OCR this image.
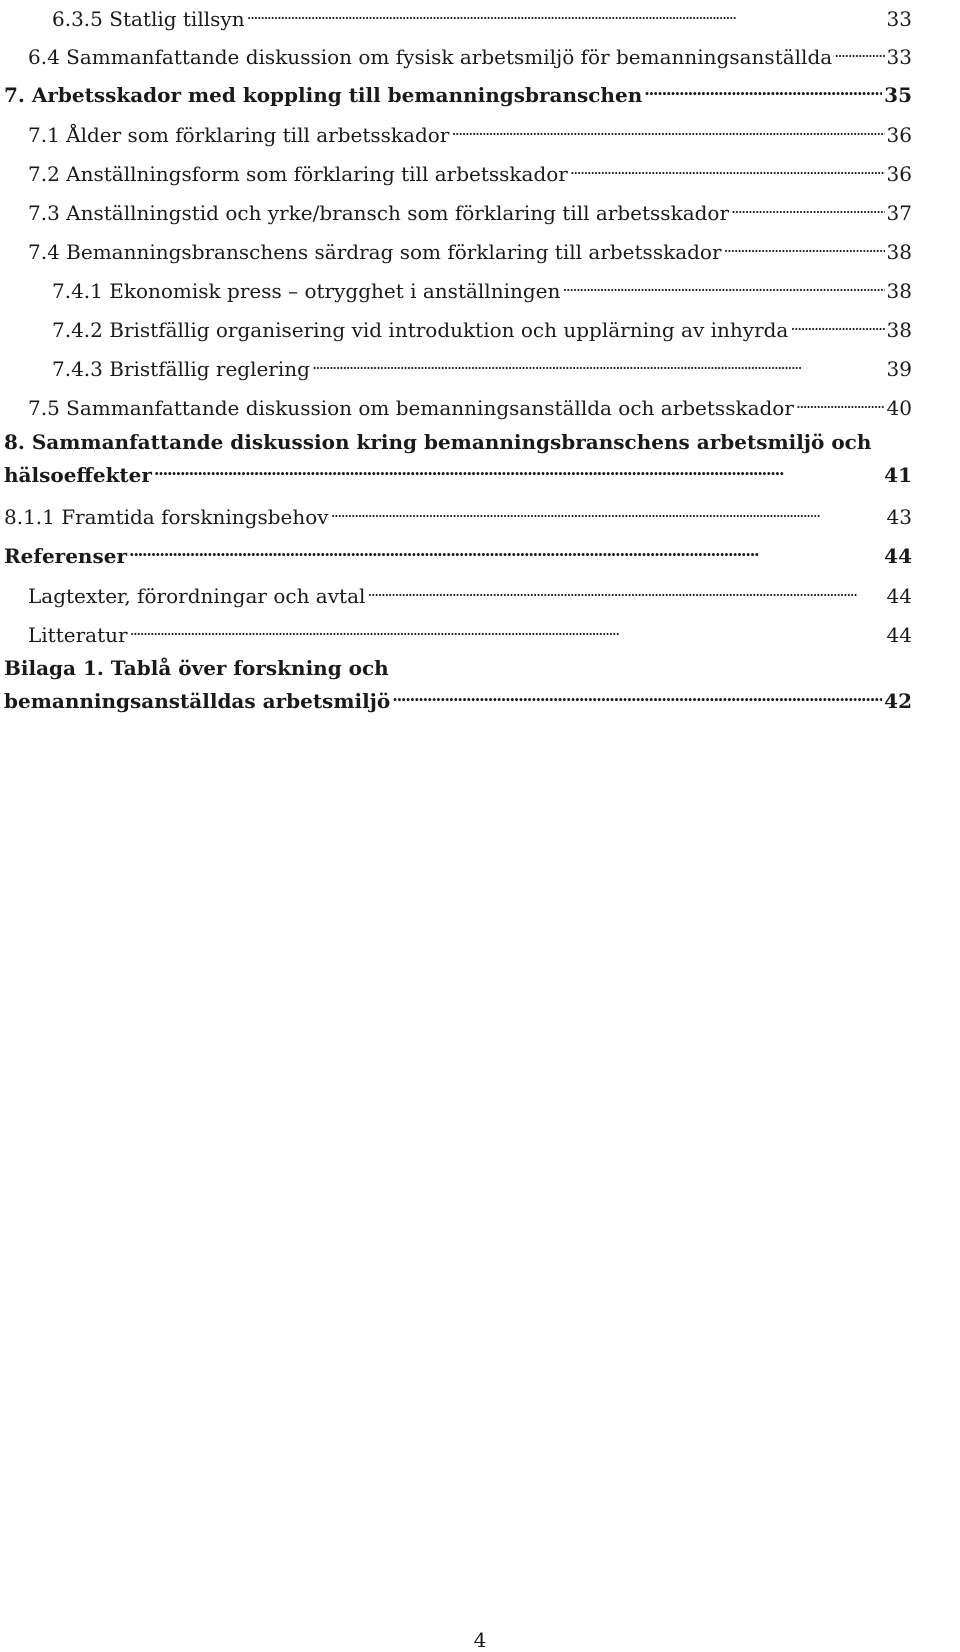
6.3.5 Statlig tillsyn . . .	33
6.4 Sammanfattande diskussion om fysisk arbetsmiljö för bemanningsanställda . . .	33
7. Arbetsskador med koppling till bemanningsbranschen . . .	35
7.1 Ålder som förklaring till arbetsskador . . .	36
7.2 Anställningsform som förklaring till arbetsskador . . .	36
7.3 Anställningstid och yrke/bransch som förklaring till arbetsskador . . .	37
7.4 Bemanningsbranschens särdrag som förklaring till arbetsskador . . .	38
7.4.1 Ekonomisk press – otrygghet i anställningen . . .	38
7.4.2 Bristfällig organisering vid introduktion och upplärning av inhyrda . . .	38
7.4.3 Bristfällig reglering . . .	39
7.5 Sammanfattande diskussion om bemanningsanställda och arbetsskador . . .	40
8. Sammanfattande diskussion kring bemanningsbranschens arbetsmiljö och
hälsoeffekter . . .	41
8.1.1 Framtida forskningsbehov . . .	43
Referenser . . .	44
Lagtexter, förordningar och avtal . . .	44
Litteratur . . .	44
Bilaga 1. Tablå över forskning och
bemanningsanställdas arbetsmiljö . . .	42
4
